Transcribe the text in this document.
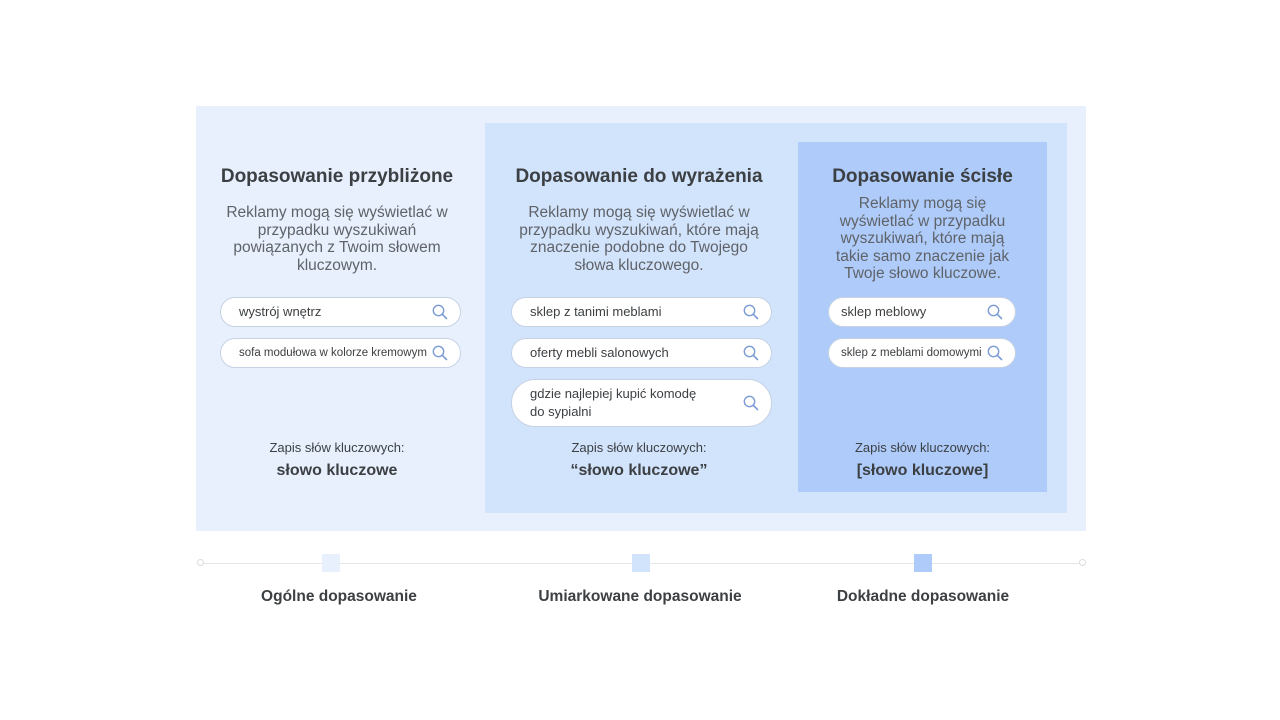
Dopasowanie przybliżone
Reklamy mogą się wyświetlać w przypadku wyszukiwań powiązanych z Twoim słowem kluczowym.
wystrój wnętrz
sofa modułowa w kolorze kremowym
Zapis słów kluczowych:
słowo kluczowe
Dopasowanie do wyrażenia
Reklamy mogą się wyświetlać w przypadku wyszukiwań, które mają znaczenie podobne do Twojego słowa kluczowego.
sklep z tanimi meblami
oferty mebli salonowych
gdzie najlepiej kupić komodę do sypialni
Zapis słów kluczowych:
“słowo kluczowe”
Dopasowanie ścisłe
Reklamy mogą się wyświetlać w przypadku wyszukiwań, które mają takie samo znaczenie jak Twoje słowo kluczowe.
sklep meblowy
sklep z meblami domowymi
Zapis słów kluczowych:
[słowo kluczowe]
Ogólne dopasowanie	Umiarkowane dopasowanie	Dokładne dopasowanie
